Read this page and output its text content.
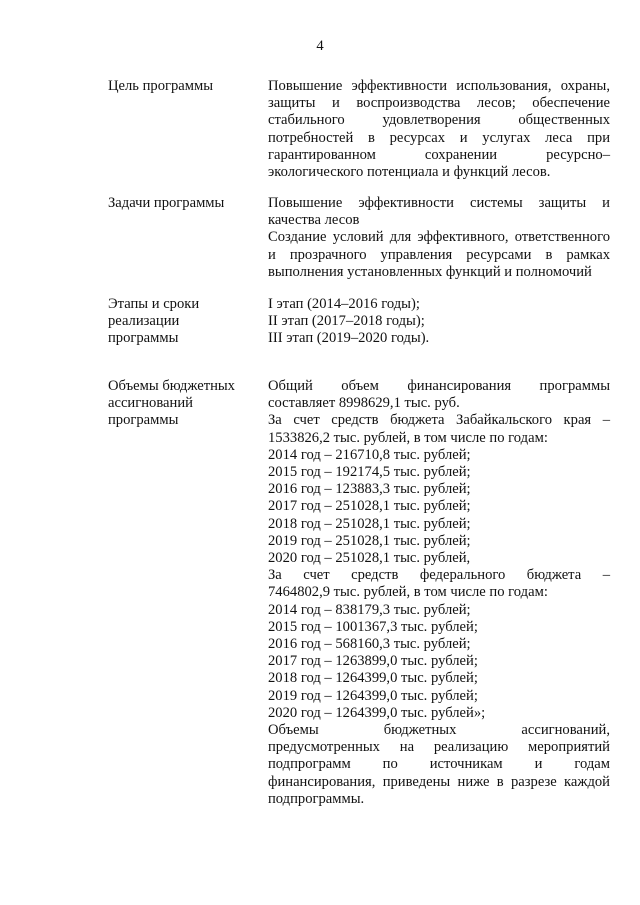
4

Цель программы	Повышение эффективности использования, охраны,

защиты и воспроизводства лесов; обеспечение

стабильного удовлетворения общественных

потребностей в ресурсах и услугах леса при

гарантированном сохранении ресурсно–

экологического потенциала и функций лесов.

Задачи программы	Повышение эффективности системы защиты и

качества лесов

Создание условий для эффективного, ответственного

и прозрачного управления ресурсами в рамках

выполнения установленных функций и полномочий

Этапы и сроки

реализации

программы

I этап (2014–2016 годы);

II этап (2017–2018 годы);

III этап (2019–2020 годы).

Объемы бюджетных

ассигнований

программы

Общий объем финансирования программы

составляет 8998629,1 тыс. руб.

За счет средств бюджета Забайкальского края –

1533826,2 тыс. рублей, в том числе по годам:

2014 год – 216710,8 тыс. рублей;

2015 год – 192174,5 тыс. рублей;

2016 год – 123883,3 тыс. рублей;

2017 год – 251028,1 тыс. рублей;

2018 год – 251028,1 тыс. рублей;

2019 год – 251028,1 тыс. рублей;

2020 год – 251028,1 тыс. рублей,

За счет средств федерального бюджета –

7464802,9 тыс. рублей, в том числе по годам:

2014 год – 838179,3 тыс. рублей;

2015 год – 1001367,3 тыс. рублей;

2016 год – 568160,3 тыс. рублей;

2017 год – 1263899,0 тыс. рублей;

2018 год – 1264399,0 тыс. рублей;

2019 год – 1264399,0 тыс. рублей;

2020 год – 1264399,0 тыс. рублей»;

Объемы бюджетных ассигнований,

предусмотренных на реализацию мероприятий

подпрограмм по источникам и годам

финансирования, приведены ниже в разрезе каждой

подпрограммы.
